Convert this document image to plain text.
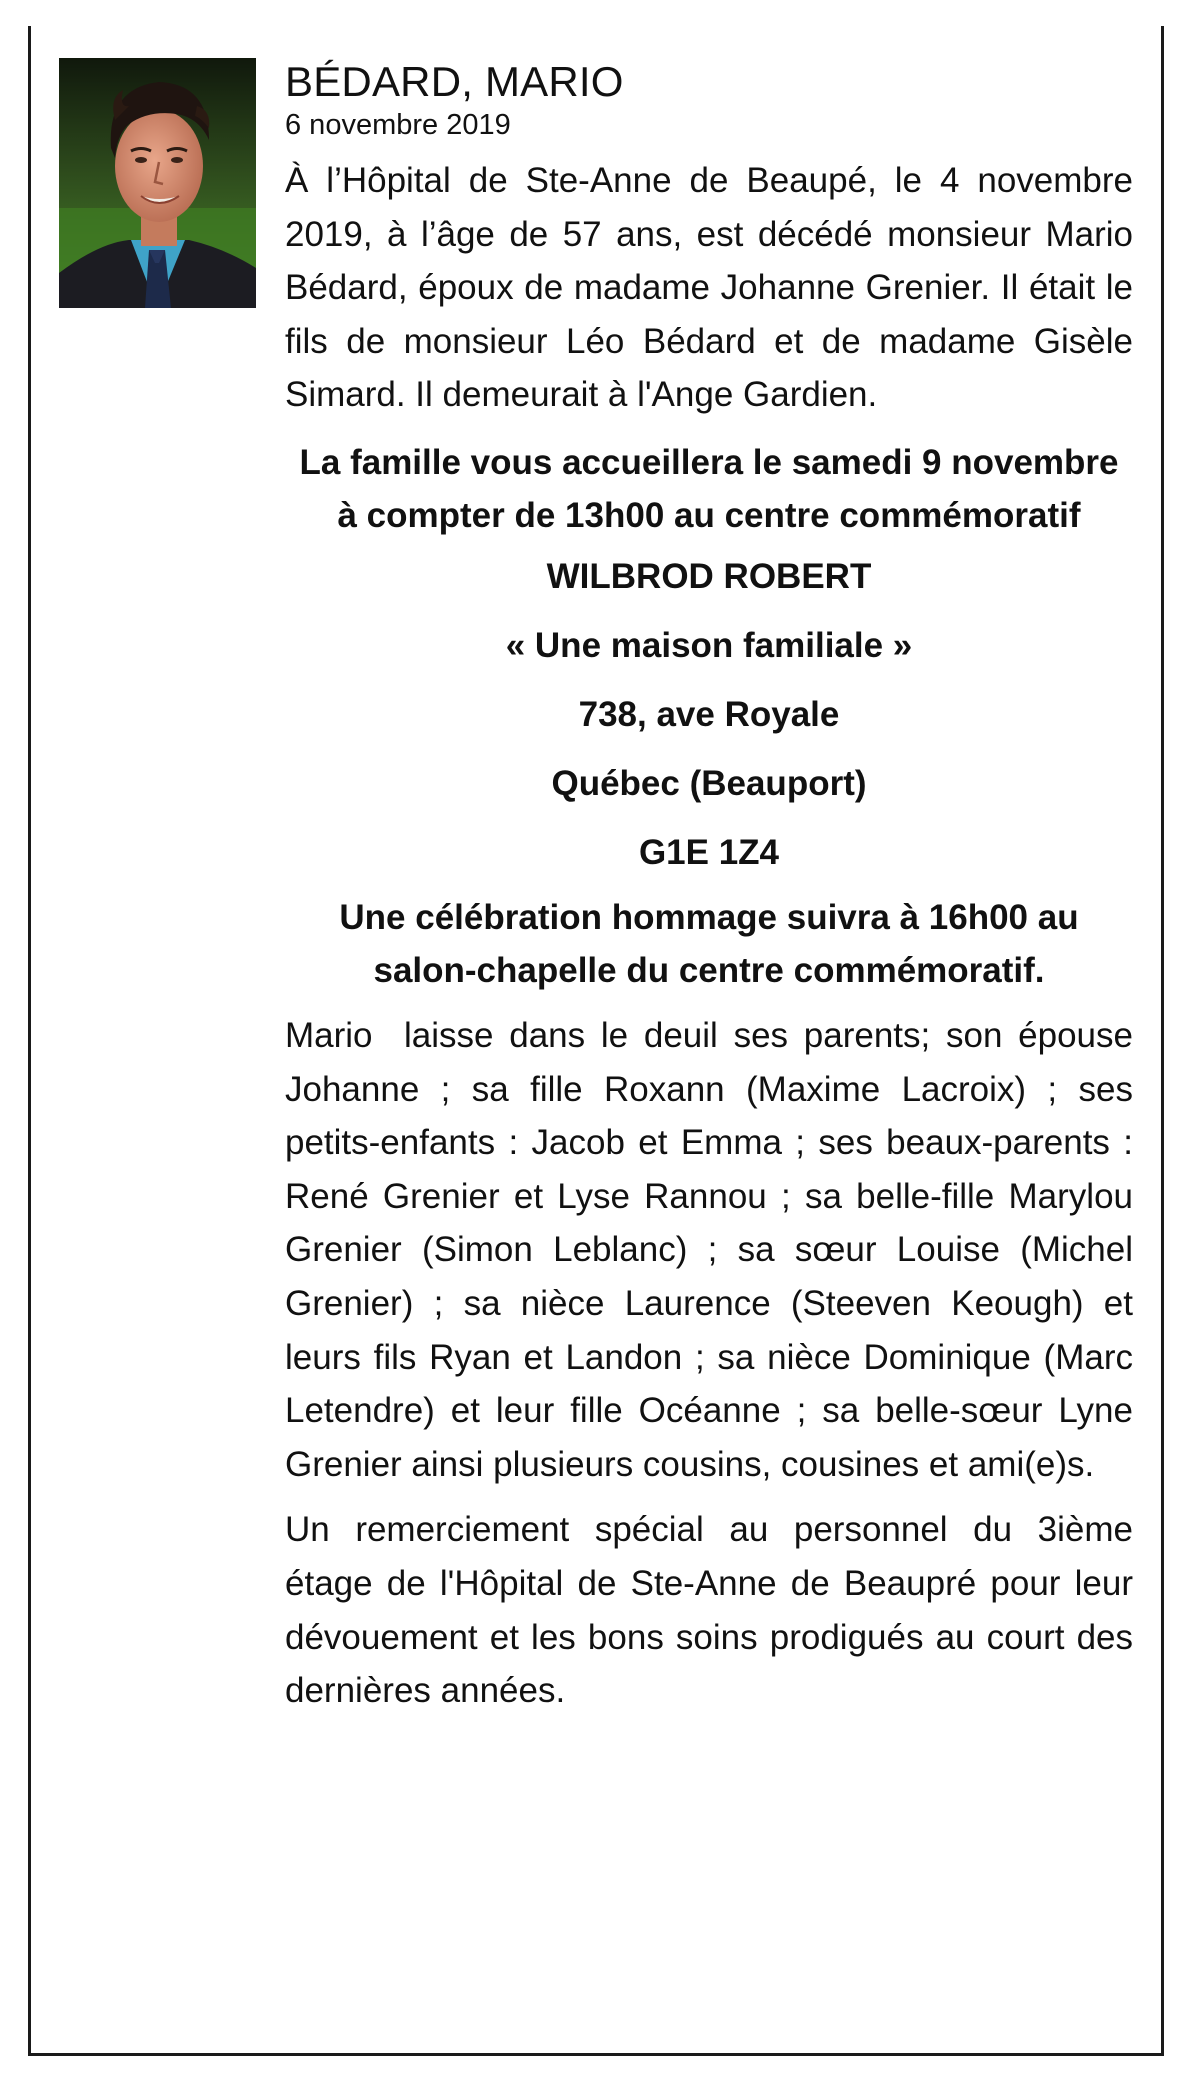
BÉDARD, MARIO
6 novembre 2019

À l’Hôpital de Ste-Anne de Beaupé, le 4 novembre 2019, à l’âge de 57 ans, est décédé monsieur Mario Bédard, époux de madame Johanne Grenier. Il était le fils de monsieur Léo Bédard et de madame Gisèle Simard. Il demeurait à l'Ange Gardien.

La famille vous accueillera le samedi 9 novembre à compter de 13h00 au centre commémoratif
WILBROD ROBERT
« Une maison familiale »
738, ave Royale
Québec (Beauport)
G1E 1Z4
Une célébration hommage suivra à 16h00 au salon-chapelle du centre commémoratif.

Mario  laisse dans le deuil ses parents; son épouse Johanne ; sa fille Roxann (Maxime Lacroix) ; ses petits-enfants : Jacob et Emma ; ses beaux-parents : René Grenier et Lyse Rannou ; sa belle-fille Marylou Grenier (Simon Leblanc) ; sa sœur Louise (Michel Grenier) ; sa nièce Laurence (Steeven Keough) et leurs fils Ryan et Landon ; sa nièce Dominique (Marc Letendre) et leur fille Océanne ; sa belle-sœur Lyne Grenier ainsi plusieurs cousins, cousines et ami(e)s.

Un remerciement spécial au personnel du 3ième étage de l'Hôpital de Ste-Anne de Beaupré pour leur dévouement et les bons soins prodigués au court des dernières années.
